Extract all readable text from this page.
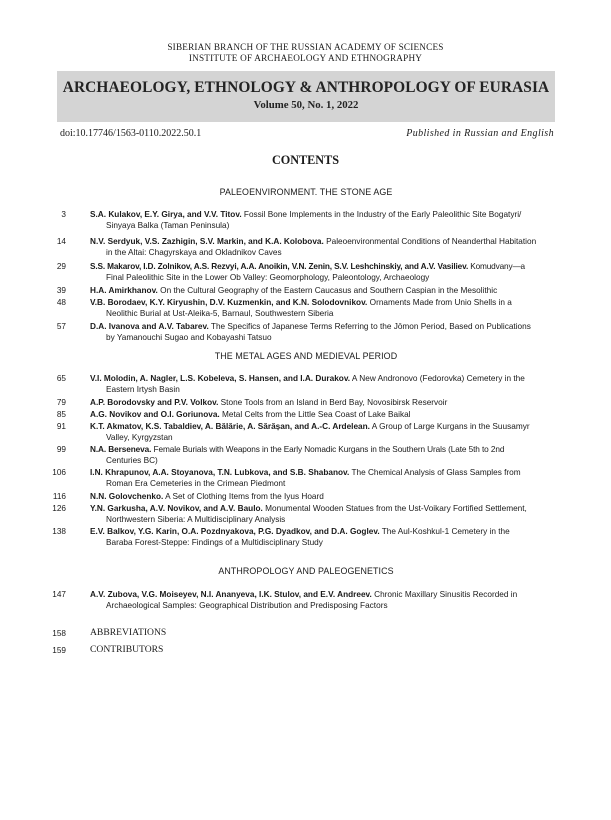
SIBERIAN BRANCH OF THE RUSSIAN ACADEMY OF SCIENCES
INSTITUTE OF ARCHAEOLOGY AND ETHNOGRAPHY
ARCHAEOLOGY, ETHNOLOGY & ANTHROPOLOGY OF EURASIA
Volume 50, No. 1, 2022
doi:10.17746/1563-0110.2022.50.1	Published in Russian and English
CONTENTS
PALEOENVIRONMENT. THE STONE AGE
3	S.A. Kulakov, E.Y. Girya, and V.V. Titov. Fossil Bone Implements in the Industry of the Early Paleolithic Site Bogatyri/
Sinyaya Balka (Taman Peninsula)
14	N.V. Serdyuk, V.S. Zazhigin, S.V. Markin, and K.A. Kolobova. Paleoenvironmental Conditions of Neanderthal Habitation
in the Altai: Chagyrskaya and Okladnikov Caves
29	S.S. Makarov, I.D. Zolnikov, A.S. Rezvyi, A.A. Anoikin, V.N. Zenin, S.V. Leshchinskiy, and A.V. Vasiliev. Komudvany—a
Final Paleolithic Site in the Lower Ob Valley: Geomorphology, Paleontology, Archaeology
39	H.A. Amirkhanov. On the Cultural Geography of the Eastern Caucasus and Southern Caspian in the Mesolithic
48	V.B. Borodaev, K.Y. Kiryushin, D.V. Kuzmenkin, and K.N. Solodovnikov. Ornaments Made from Unio Shells in a
Neolithic Burial at Ust-Aleika-5, Barnaul, Southwestern Siberia
57	D.A. Ivanova and A.V. Tabarev. The Specifics of Japanese Terms Referring to the Jōmon Period, Based on Publications
by Yamanouchi Sugao and Kobayashi Tatsuo
THE METAL AGES AND MEDIEVAL PERIOD
65	V.I. Molodin, A. Nagler, L.S. Kobeleva, S. Hansen, and I.A. Durakov. A New Andronovo (Fedorovka) Cemetery in the
Eastern Irtysh Basin
79	A.P. Borodovsky and P.V. Volkov. Stone Tools from an Island in Berd Bay, Novosibirsk Reservoir
85	A.G. Novikov and O.I. Goriunova. Metal Celts from the Little Sea Coast of Lake Baikal
91	K.T. Akmatov, K.S. Tabaldiev, A. Bălărie, A. Sărășan, and A.-C. Ardelean. A Group of Large Kurgans in the Suusamyr
Valley, Kyrgyzstan
99	N.A. Berseneva. Female Burials with Weapons in the Early Nomadic Kurgans in the Southern Urals (Late 5th to 2nd
Centuries BC)
106	I.N. Khrapunov, A.A. Stoyanova, T.N. Lubkova, and S.B. Shabanov. The Chemical Analysis of Glass Samples from
Roman Era Cemeteries in the Crimean Piedmont
116	N.N. Golovchenko. A Set of Clothing Items from the Iyus Hoard
126	Y.N. Garkusha, A.V. Novikov, and A.V. Baulo. Monumental Wooden Statues from the Ust-Voikary Fortified Settlement,
Northwestern Siberia: A Multidisciplinary Analysis
138	E.V. Balkov, Y.G. Karin, O.A. Pozdnyakova, P.G. Dyadkov, and D.A. Goglev. The Aul-Koshkul-1 Cemetery in the
Baraba Forest-Steppe: Findings of a Multidisciplinary Study
ANTHROPOLOGY AND PALEOGENETICS
147	A.V. Zubova, V.G. Moiseyev, N.I. Ananyeva, I.K. Stulov, and E.V. Andreev. Chronic Maxillary Sinusitis Recorded in
Archaeological Samples: Geographical Distribution and Predisposing Factors
158	ABBREVIATIONS
159	CONTRIBUTORS
